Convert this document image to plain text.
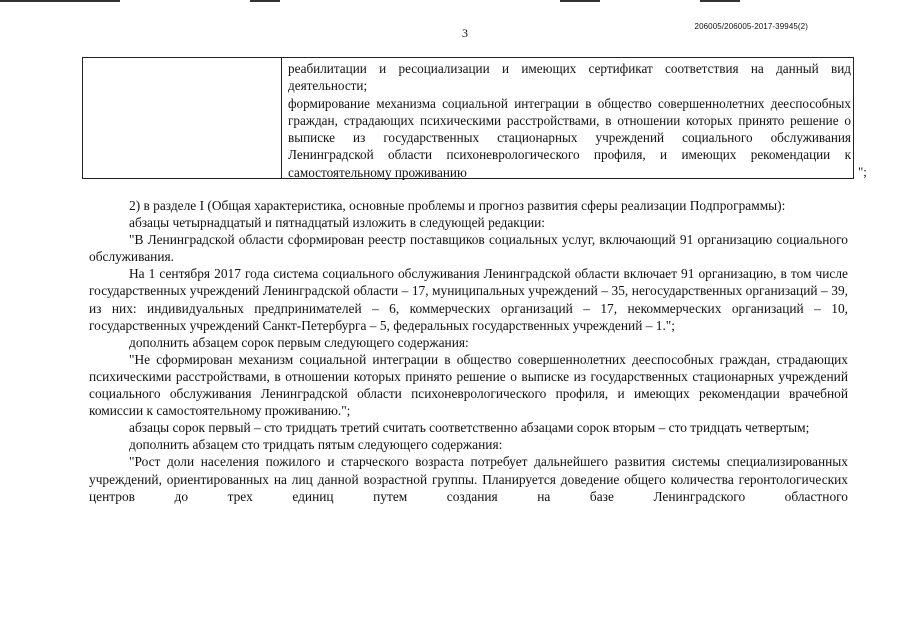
3	206005/206005-2017-39945(2)

реабилитации и ресоциализации и имеющих сертификат соответствия на данный вид деятельности;

формирование механизма социальной интеграции в общество совершеннолетних дееспособных граждан, страдающих психическими расстройствами, в отношении которых принято решение о выписке из государственных стационарных учреждений социального обслуживания Ленинградской области психоневрологического профиля, и имеющих рекомендации к самостоятельному проживанию	";

2) в разделе I (Общая характеристика, основные проблемы и прогноз развития сферы реализации Подпрограммы):

абзацы четырнадцатый и пятнадцатый изложить в следующей редакции:

"В Ленинградской области сформирован реестр поставщиков социальных услуг, включающий 91 организацию социального обслуживания.

На 1 сентября 2017 года система социального обслуживания Ленинградской области включает 91 организацию, в том числе государственных учреждений Ленинградской области – 17, муниципальных учреждений – 35, негосударственных организаций – 39, из них: индивидуальных предпринимателей – 6, коммерческих организаций – 17, некоммерческих организаций – 10, государственных учреждений Санкт-Петербурга – 5, федеральных государственных учреждений – 1.";

дополнить абзацем сорок первым следующего содержания:

"Не сформирован механизм социальной интеграции в общество совершеннолетних дееспособных граждан, страдающих психическими расстройствами, в отношении которых принято решение о выписке из государственных стационарных учреждений социального обслуживания Ленинградской области психоневрологического профиля, и имеющих рекомендации врачебной комиссии к самостоятельному проживанию.";

абзацы сорок первый – сто тридцать третий считать соответственно абзацами сорок вторым – сто тридцать четвертым;

дополнить абзацем сто тридцать пятым следующего содержания:

"Рост доли населения пожилого и старческого возраста потребует дальнейшего развития системы специализированных учреждений, ориентированных на лиц данной возрастной группы. Планируется доведение общего количества геронтологических центров до трех единиц путем создания на базе Ленинградского областного
